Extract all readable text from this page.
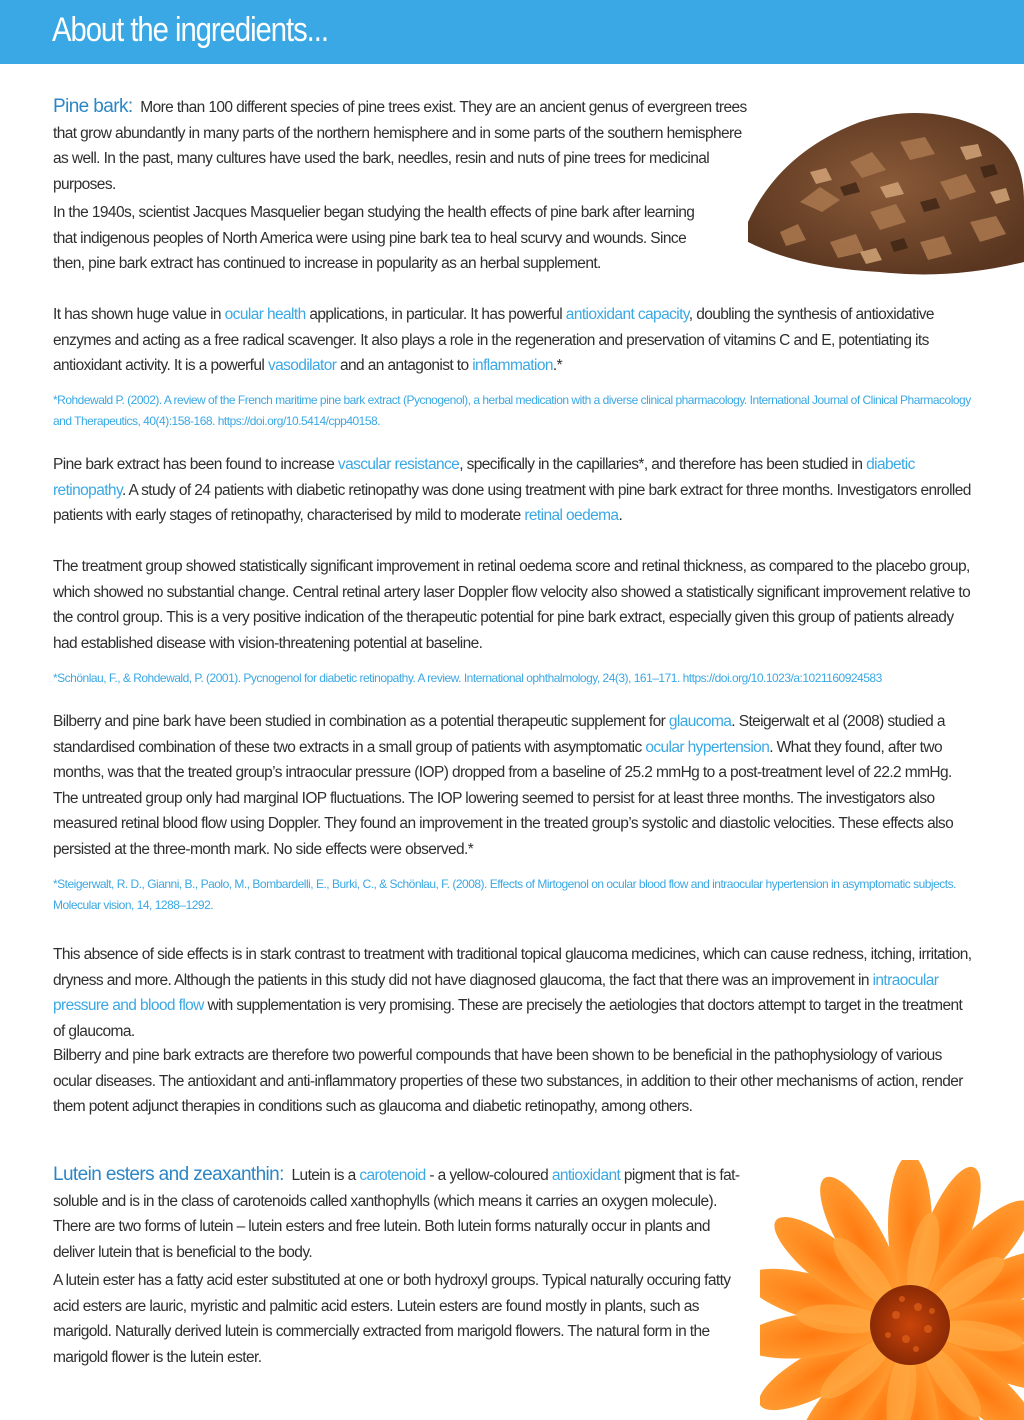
About the ingredients...

Pine bark: More than 100 different species of pine trees exist. They are an ancient genus of evergreen trees that grow abundantly in many parts of the northern hemisphere and in some parts of the southern hemisphere as well. In the past, many cultures have used the bark, needles, resin and nuts of pine trees for medicinal purposes.

In the 1940s, scientist Jacques Masquelier began studying the health effects of pine bark after learning that indigenous peoples of North America were using pine bark tea to heal scurvy and wounds. Since then, pine bark extract has continued to increase in popularity as an herbal supplement.

It has shown huge value in ocular health applications, in particular. It has powerful antioxidant capacity, doubling the synthesis of antioxidative enzymes and acting as a free radical scavenger. It also plays a role in the regeneration and preservation of vitamins C and E, potentiating its antioxidant activity. It is a powerful vasodilator and an antagonist to inflammation.*

*Rohdewald P. (2002). A review of the French maritime pine bark extract (Pycnogenol), a herbal medication with a diverse clinical pharmacology. International Journal of Clinical Pharmacology and Therapeutics, 40(4):158-168. https://doi.org/10.5414/cpp40158.

Pine bark extract has been found to increase vascular resistance, specifically in the capillaries*, and therefore has been studied in diabetic retinopathy. A study of 24 patients with diabetic retinopathy was done using treatment with pine bark extract for three months. Investigators enrolled patients with early stages of retinopathy, characterised by mild to moderate retinal oedema.

The treatment group showed statistically significant improvement in retinal oedema score and retinal thickness, as compared to the placebo group, which showed no substantial change. Central retinal artery laser Doppler flow velocity also showed a statistically significant improvement relative to the control group. This is a very positive indication of the therapeutic potential for pine bark extract, especially given this group of patients already had established disease with vision-threatening potential at baseline.

*Schönlau, F., & Rohdewald, P. (2001). Pycnogenol for diabetic retinopathy. A review. International ophthalmology, 24(3), 161–171. https://doi.org/10.1023/a:1021160924583

Bilberry and pine bark have been studied in combination as a potential therapeutic supplement for glaucoma. Steigerwalt et al (2008) studied a standardised combination of these two extracts in a small group of patients with asymptomatic ocular hypertension. What they found, after two months, was that the treated group’s intraocular pressure (IOP) dropped from a baseline of 25.2 mmHg to a post-treatment level of 22.2 mmHg. The untreated group only had marginal IOP fluctuations. The IOP lowering seemed to persist for at least three months. The investigators also measured retinal blood flow using Doppler. They found an improvement in the treated group’s systolic and diastolic velocities. These effects also persisted at the three-month mark. No side effects were observed.*

*Steigerwalt, R. D., Gianni, B., Paolo, M., Bombardelli, E., Burki, C., & Schönlau, F. (2008). Effects of Mirtogenol on ocular blood flow and intraocular hypertension in asymptomatic subjects. Molecular vision, 14, 1288–1292.

This absence of side effects is in stark contrast to treatment with traditional topical glaucoma medicines, which can cause redness, itching, irritation, dryness and more. Although the patients in this study did not have diagnosed glaucoma, the fact that there was an improvement in intraocular pressure and blood flow with supplementation is very promising. These are precisely the aetiologies that doctors attempt to target in the treatment of glaucoma.

Bilberry and pine bark extracts are therefore two powerful compounds that have been shown to be beneficial in the pathophysiology of various ocular diseases. The antioxidant and anti-inflammatory properties of these two substances, in addition to their other mechanisms of action, render them potent adjunct therapies in conditions such as glaucoma and diabetic retinopathy, among others.

Lutein esters and zeaxanthin: Lutein is a carotenoid - a yellow-coloured antioxidant pigment that is fat-soluble and is in the class of carotenoids called xanthophylls (which means it carries an oxygen molecule). There are two forms of lutein – lutein esters and free lutein. Both lutein forms naturally occur in plants and deliver lutein that is beneficial to the body.

A lutein ester has a fatty acid ester substituted at one or both hydroxyl groups. Typical naturally occuring fatty acid esters are lauric, myristic and palmitic acid esters. Lutein esters are found mostly in plants, such as marigold. Naturally derived lutein is commercially extracted from marigold flowers. The natural form in the marigold flower is the lutein ester.
